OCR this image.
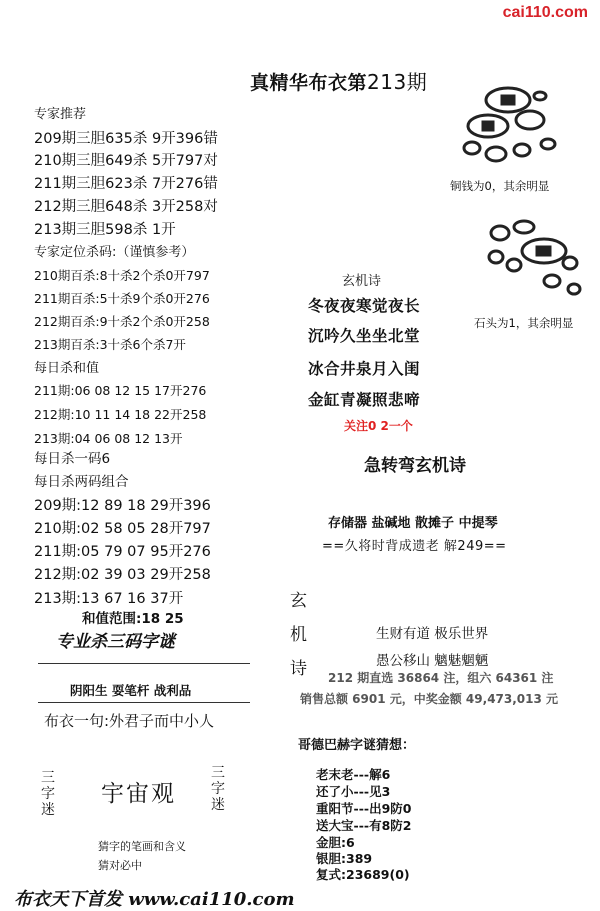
cai110.com
真精华布衣第213期
专家推荐
209期三胆635杀 9开396错
210期三胆649杀 5开797对
211期三胆623杀 7开276错
212期三胆648杀 3开258对
213期三胆598杀 1开
专家定位杀码:（谨慎参考）
210期百杀:8十杀2个杀0开797
211期百杀:5十杀9个杀0开276
212期百杀:9十杀2个杀0开258
213期百杀:3十杀6个杀7开
每日杀和值
211期:06 08 12 15 17开276
212期:10 11 14 18 22开258
213期:04 06 08 12 13开
每日杀一码6
每日杀两码组合
209期:12 89 18 29开396
210期:02 58 05 28开797
211期:05 79 07 95开276
212期:02 39 03 29开258
213期:13 67 16 37开
和值范围:18 25
专业杀三码字谜
阴阳生 耍笔杆 战利品
布衣一句:外君子而中小人
三字迷
宇宙观
三字迷
猜字的笔画和含义
猜对必中
布衣天下首发 www.cai110.com
铜钱为0，其余明显
石头为1，其余明显
玄机诗
冬夜夜寒觉夜长
沉吟久坐坐北堂
冰合井泉月入闺
金缸青凝照悲啼
关注0 2一个
急转弯玄机诗
存储器 盐碱地 散摊子 中提琴
==久将时背成遗老 解249==
玄
机
诗
生财有道 极乐世界
愚公移山 魑魅魍魉
212 期直选 36864 注，组六 64361 注
销售总额 6901 元，中奖金额 49,473,013 元
哥德巴赫字谜猜想：
老末老---解6
还了小---见3
重阳节---出9防0
送大宝---有8防2
金胆:6
银胆:389
复式:23689(0)
